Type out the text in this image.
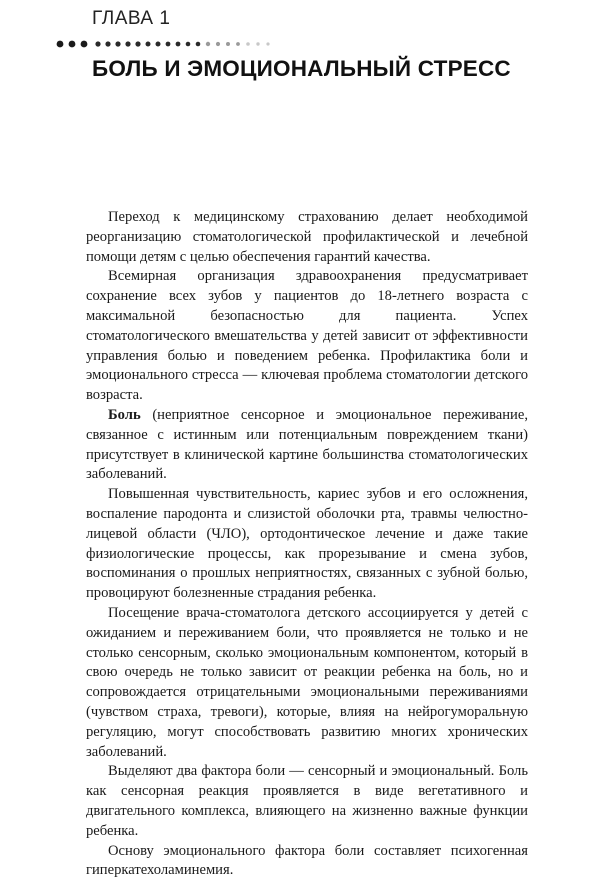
ГЛАВА 1
БОЛЬ И ЭМОЦИОНАЛЬНЫЙ СТРЕСС

Переход к медицинскому страхованию делает необходимой реорганизацию стоматологической профилактической и лечебной помощи детям с целью обеспечения гарантий качества.

Всемирная организация здравоохранения предусматривает сохранение всех зубов у пациентов до 18-летнего возраста с максимальной безопасностью для пациента. Успех стоматологического вмешательства у детей зависит от эффективности управления болью и поведением ребенка. Профилактика боли и эмоционального стресса — ключевая проблема стоматологии детского возраста.

Боль (неприятное сенсорное и эмоциональное переживание, связанное с истинным или потенциальным повреждением ткани) присутствует в клинической картине большинства стоматологических заболеваний.

Повышенная чувствительность, кариес зубов и его осложнения, воспаление пародонта и слизистой оболочки рта, травмы челюстно-лицевой области (ЧЛО), ортодонтическое лечение и даже такие физиологические процессы, как прорезывание и смена зубов, воспоминания о прошлых неприятностях, связанных с зубной болью, провоцируют болезненные страдания ребенка.

Посещение врача-стоматолога детского ассоциируется у детей с ожиданием и переживанием боли, что проявляется не только и не столько сенсорным, сколько эмоциональным компонентом, который в свою очередь не только зависит от реакции ребенка на боль, но и сопровождается отрицательными эмоциональными переживаниями (чувством страха, тревоги), которые, влияя на нейрогуморальную регуляцию, могут способствовать развитию многих хронических заболеваний.

Выделяют два фактора боли — сенсорный и эмоциональный. Боль как сенсорная реакция проявляется в виде вегетативного и двигательного комплекса, влияющего на жизненно важные функции ребенка.

Основу эмоционального фактора боли составляет психогенная гиперкатехоламинемия.
